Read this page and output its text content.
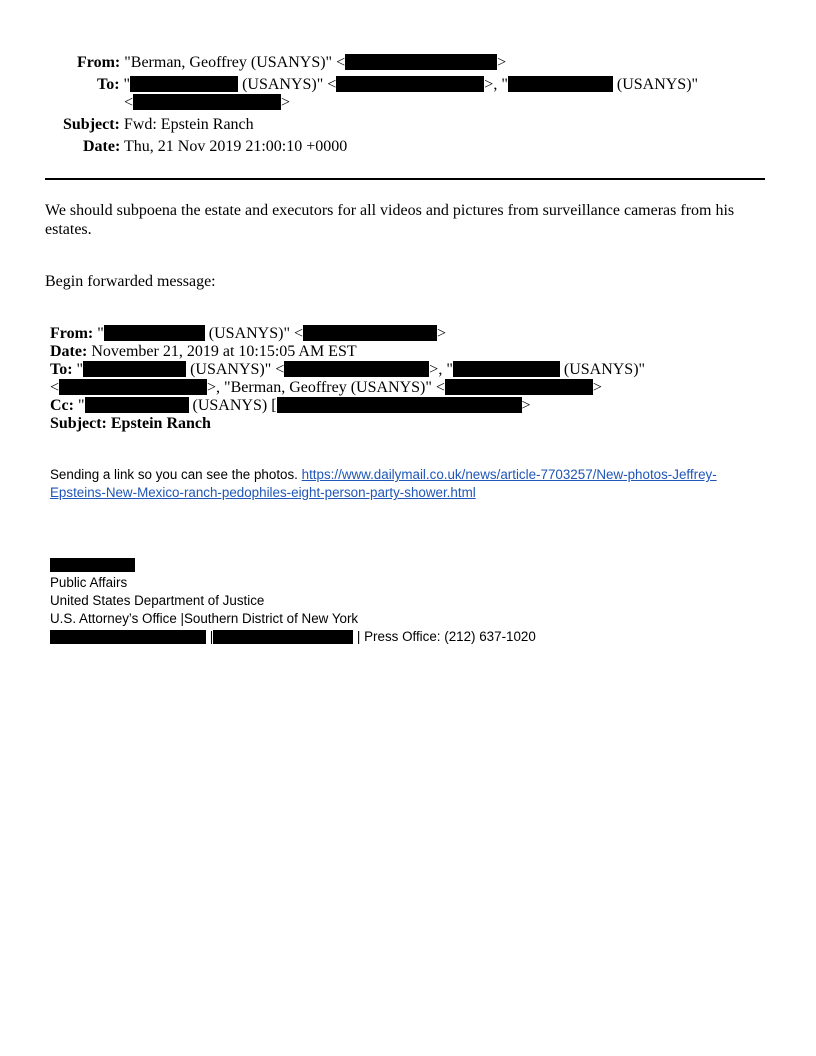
From: "Berman, Geoffrey (USANYS)" <	>
To: "	(USANYS)" <	>, "	(USANYS)"
<	>
Subject: Fwd: Epstein Ranch
Date: Thu, 21 Nov 2019 21:00:10 +0000
We should subpoena the estate and executors for all videos and pictures from surveillance cameras from his estates.
Begin forwarded message:
From: "	(USANYS)" <	>
Date: November 21, 2019 at 10:15:05 AM EST
To: "	(USANYS)" <	>, "	(USANYS)"
<	>, "Berman, Geoffrey (USANYS)" <	>
Cc: "	(USANYS) [	>
Subject: Epstein Ranch
Sending a link so you can see the photos. https://www.dailymail.co.uk/news/article-7703257/New-photos-Jeffrey-Epsteins-New-Mexico-ranch-pedophiles-eight-person-party-shower.html
Public Affairs
United States Department of Justice
U.S. Attorney’s Office |Southern District of New York
|	| Press Office: (212) 637-1020
